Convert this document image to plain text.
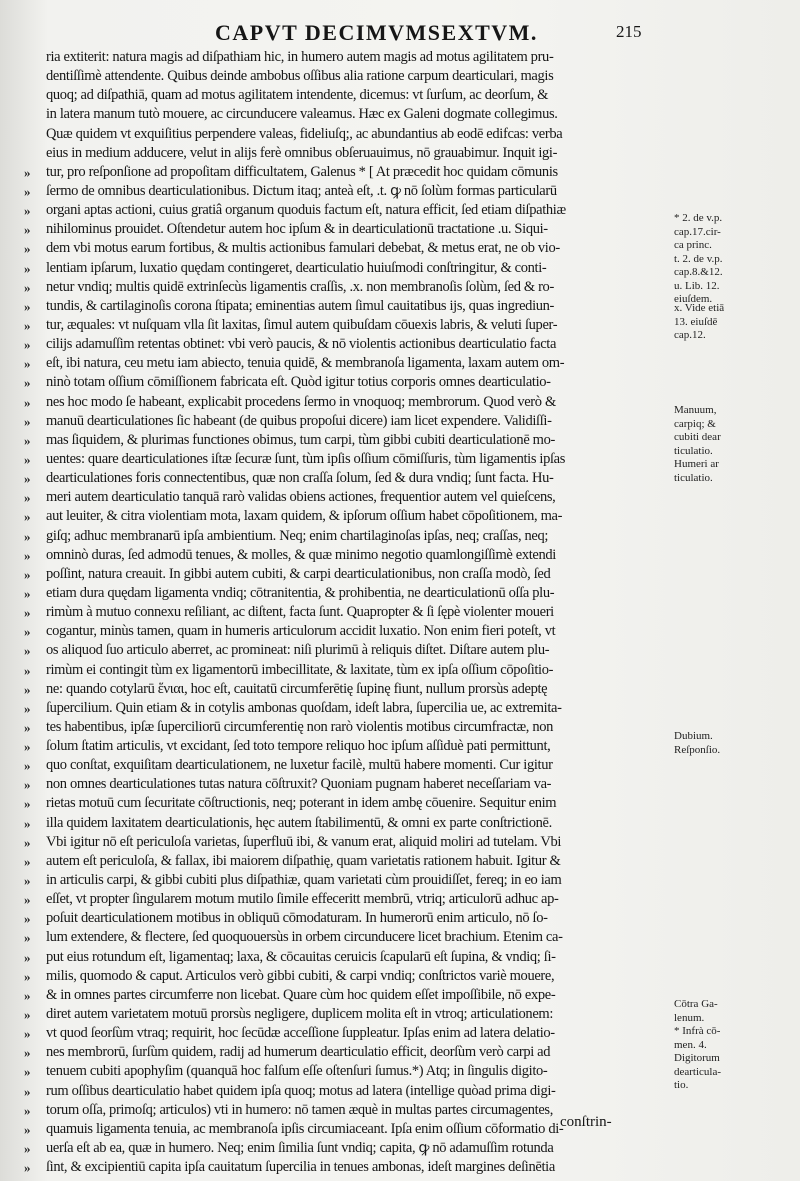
CAPVT DECIMVMSEXTVM.	215
ria extiterit: natura magis ad diſpathiam hic, in humero autem magis ad motus agilitatem pru-
dentiſſimè attendente. Quibus deinde ambobus oſſibus alia ratione carpum dearticulari, magis
quoq; ad diſpathiā, quam ad motus agilitatem intendente, dicemus: vt ſurſum, ac deorſum, &
in latera manum tutò mouere, ac circunducere valeamus. Hæc ex Galeni dogmate collegimus.
Quæ quidem vt exquiſitius perpendere valeas, fideliuſq;, ac abundantius ab eodē edifcas: verba
eius in medium adducere, velut in alijs ferè omnibus obſeruauimus, nō grauabimur. Inquit igi-
»	tur, pro reſponſione ad propoſitam difficultatem, Galenus * [ At præcedit hoc quidam cōmunis
»	ſermo de omnibus dearticulationibus. Dictum itaq; anteà eſt, .t. ꝙ nō ſolùm formas particularū
»	organi aptas actioni, cuius gratiâ organum quoduis factum eſt, natura efficit, ſed etiam diſpathiæ
»	nihilominus prouidet. Oſtendetur autem hoc ipſum & in dearticulationū tractatione .u. Siqui-
»	dem vbi motus earum fortibus, & multis actionibus famulari debebat, & metus erat, ne ob vio-
»	lentiam ipſarum, luxatio quędam contingeret, dearticulatio huiuſmodi conſtringitur, & conti-
»	netur vndiq; multis quidē extrinſecùs ligamentis craſſis, .x. non membranoſis ſolùm, ſed & ro-
»	tundis, & cartilaginoſis corona ſtipata; eminentias autem ſimul cauitatibus ijs, quas ingrediun-
»	tur, æquales: vt nuſquam vlla ſit laxitas, ſimul autem quibuſdam cōuexis labris, & veluti ſuper-
»	cilijs adamuſſim retentas obtinet: vbi verò paucis, & nō violentis actionibus dearticulatio facta
»	eſt, ibi natura, ceu metu iam abiecto, tenuia quidē, & membranoſa ligamenta, laxam autem om-
»	ninò totam oſſium cōmiſſionem fabricata eſt. Quòd igitur totius corporis omnes dearticulatio-
»	nes hoc modo ſe habeant, explicabit procedens ſermo in vnoquoq; membrorum. Quod verò &
»	manuū dearticulationes ſic habeant (de quibus propoſui dicere) iam licet expendere. Validiſſi-
»	mas ſiquidem, & plurimas functiones obimus, tum carpi, tùm gibbi cubiti dearticulationē mo-
»	uentes: quare dearticulationes iſtæ ſecuræ ſunt, tùm ipſis oſſium cōmiſſuris, tùm ligamentis ipſas
»	dearticulationes foris connectentibus, quæ non craſſa ſolum, ſed & dura vndiq; ſunt facta. Hu-
»	meri autem dearticulatio tanquā rarò validas obiens actiones, frequentior autem vel quieſcens,
»	aut leuiter, & citra violentiam mota, laxam quidem, & ipſorum oſſium habet cōpoſitionem, ma-
»	giſq; adhuc membranarū ipſa ambientium. Neq; enim chartilaginoſas ipſas, neq; craſſas, neq;
»	omninò duras, ſed admodū tenues, & molles, & quæ minimo negotio quamlongiſſimè extendi
»	poſſint, natura creauit. In gibbi autem cubiti, & carpi dearticulationibus, non craſſa modò, ſed
»	etiam dura quędam ligamenta vndiq; cōtranitentia, & prohibentia, ne dearticulationū oſſa plu-
»	rimùm à mutuo connexu reſiliant, ac diſtent, facta ſunt. Quapropter & ſi ſępè violenter moueri
»	cogantur, minùs tamen, quam in humeris articulorum accidit luxatio. Non enim fieri poteſt, vt
»	os aliquod ſuo articulo aberret, ac promineat: niſi plurimū à reliquis diſtet. Diſtare autem plu-
»	rimùm ei contingit tùm ex ligamentorū imbecillitate, & laxitate, tùm ex ipſa oſſium cōpoſitio-
»	ne: quando cotylarū ἕνιαι, hoc eſt, cauitatū circumferētię ſupinę fiunt, nullum prorsùs adeptę
»	ſupercilium. Quin etiam & in cotylis ambonas quoſdam, ideſt labra, ſupercilia ue, ac extremita-
»	tes habentibus, ipſæ ſuperciliorū circumferentię non rarò violentis motibus circumfractæ, non
»	ſolum ſtatim articulis, vt excidant, ſed toto tempore reliquo hoc ipſum aſſiduè pati permittunt,
»	quo conſtat, exquiſitam dearticulationem, ne luxetur facilè, multū habere momenti. Cur igitur
»	non omnes dearticulationes tutas natura cōſtruxit? Quoniam pugnam haberet neceſſariam va-
»	rietas motuū cum ſecuritate cōſtructionis, neq; poterant in idem ambę cōuenire. Sequitur enim
»	illa quidem laxitatem dearticulationis, hęc autem ſtabilimentū, & omni ex parte conſtrictionē.
»	Vbi igitur nō eſt periculoſa varietas, ſuperfluū ibi, & vanum erat, aliquid moliri ad tutelam. Vbi
»	autem eſt periculoſa, & fallax, ibi maiorem diſpathię, quam varietatis rationem habuit. Igitur &
»	in articulis carpi, & gibbi cubiti plus diſpathiæ, quam varietati cùm prouidiſſet, fereq; in eo iam
»	eſſet, vt propter ſingularem motum mutilo ſimile effeceritt membrū, vtriq; articulorū adhuc ap-
»	poſuit dearticulationem motibus in obliquū cōmodaturam. In humerorū enim articulo, nō ſo-
»	lum extendere, & flectere, ſed quoquouersùs in orbem circunducere licet brachium. Etenim ca-
»	put eius rotundum eſt, ligamentaq; laxa, & cōcauitas ceruicis ſcapularū eſt ſupina, & vndiq; ſi-
»	milis, quomodo & caput. Articulos verò gibbi cubiti, & carpi vndiq; conſtrictos variè mouere,
»	& in omnes partes circumferre non licebat. Quare cùm hoc quidem eſſet impoſſibile, nō expe-
»	diret autem varietatem motuū prorsùs negligere, duplicem molita eſt in vtroq; articulationem:
»	vt quod ſeorſùm vtraq; requirit, hoc ſecūdæ acceſſione ſuppleatur. Ipſas enim ad latera delatio-
»	nes membrorū, ſurſùm quidem, radij ad humerum dearticulatio efficit, deorſùm verò carpi ad
»	tenuem cubiti apophyſim (quanquā hoc falſum eſſe oſtenſuri ſumus.*) Atq; in ſingulis digito-
»	rum oſſibus dearticulatio habet quidem ipſa quoq; motus ad latera (intellige quòad prima digi-
»	torum oſſa, primoſq; articulos) vti in humero: nō tamen æquè in multas partes circumagentes,
»	quamuis ligamenta tenuia, ac membranoſa ipſis circumiaceant. Ipſa enim oſſium cōformatio di-
»	uerſa eſt ab ea, quæ in humero. Neq; enim ſimilia ſunt vndiq; capita, ꝙ nō adamuſſim rotunda
»	ſint, & excipientiū capita ipſa cauitatum ſupercilia in tenues ambonas, ideſt margines deſinētia
conſtrin-
* 2. de v.p.
cap.17.cir-
ca princ.
t. 2. de v.p.
cap.8.&12.
u. Lib. 12.
eiuſdem.
x. Vide etiā
13. eiuſdē
cap.12.
Manuum,
carpiq; &
cubiti dear
ticulatio.
Humeri ar
ticulatio.
Dubium.
Reſponſio.
Cōtra Ga-
lenum.
* Infrà cō-
men. 4.
Digitorum
dearticula-
tio.
